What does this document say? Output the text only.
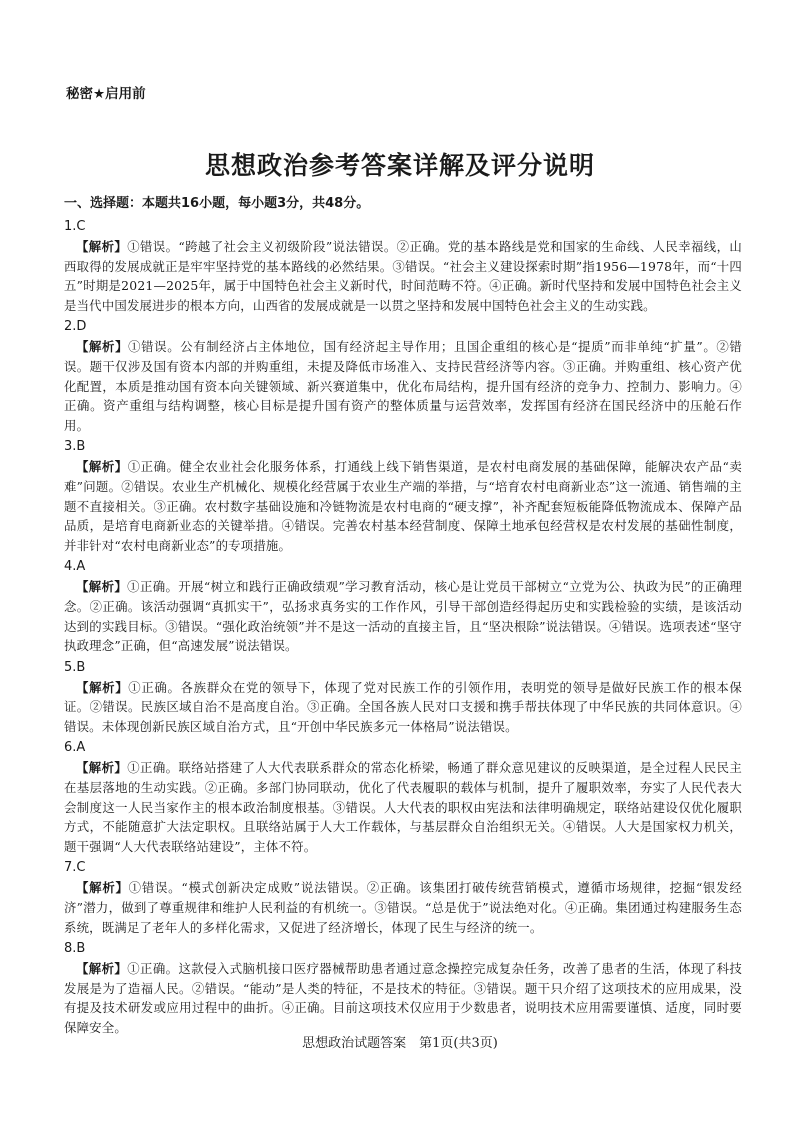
秘密★启用前
思想政治参考答案详解及评分说明
一、选择题：本题共16小题，每小题3分，共48分。
1.C

【解析】①错误。“跨越了社会主义初级阶段”说法错误。②正确。党的基本路线是党和国家的生命线、人民幸福线，山西取得的发展成就正是牢牢坚持党的基本路线的必然结果。③错误。“社会主义建设探索时期”指1956—1978年，而“十四五”时期是2021—2025年，属于中国特色社会主义新时代，时间范畴不符。④正确。新时代坚持和发展中国特色社会主义是当代中国发展进步的根本方向，山西省的发展成就是一以贯之坚持和发展中国特色社会主义的生动实践。

2.D

【解析】①错误。公有制经济占主体地位，国有经济起主导作用；且国企重组的核心是“提质”而非单纯“扩量”。②错误。题干仅涉及国有资本内部的并购重组，未提及降低市场准入、支持民营经济等内容。③正确。并购重组、核心资产优化配置，本质是推动国有资本向关键领域、新兴赛道集中，优化布局结构，提升国有经济的竞争力、控制力、影响力。④正确。资产重组与结构调整，核心目标是提升国有资产的整体质量与运营效率，发挥国有经济在国民经济中的压舱石作用。

3.B

【解析】①正确。健全农业社会化服务体系，打通线上线下销售渠道，是农村电商发展的基础保障，能解决农产品“卖难”问题。②错误。农业生产机械化、规模化经营属于农业生产端的举措，与“培育农村电商新业态”这一流通、销售端的主题不直接相关。③正确。农村数字基础设施和冷链物流是农村电商的“硬支撑”，补齐配套短板能降低物流成本、保障产品品质，是培育电商新业态的关键举措。④错误。完善农村基本经营制度、保障土地承包经营权是农村发展的基础性制度，并非针对“农村电商新业态”的专项措施。

4.A

【解析】①正确。开展“树立和践行正确政绩观”学习教育活动，核心是让党员干部树立“立党为公、执政为民”的正确理念。②正确。该活动强调“真抓实干”，弘扬求真务实的工作作风，引导干部创造经得起历史和实践检验的实绩，是该活动达到的实践目标。③错误。“强化政治统领”并不是这一活动的直接主旨，且“坚决根除”说法错误。④错误。选项表述“坚守执政理念”正确，但“高速发展”说法错误。

5.B

【解析】①正确。各族群众在党的领导下，体现了党对民族工作的引领作用，表明党的领导是做好民族工作的根本保证。②错误。民族区域自治不是高度自治。③正确。全国各族人民对口支援和携手帮扶体现了中华民族的共同体意识。④错误。未体现创新民族区域自治方式，且“开创中华民族多元一体格局”说法错误。

6.A

【解析】①正确。联络站搭建了人大代表联系群众的常态化桥梁，畅通了群众意见建议的反映渠道，是全过程人民民主在基层落地的生动实践。②正确。多部门协同联动，优化了代表履职的载体与机制，提升了履职效率，夯实了人民代表大会制度这一人民当家作主的根本政治制度根基。③错误。人大代表的职权由宪法和法律明确规定，联络站建设仅优化履职方式，不能随意扩大法定职权。且联络站属于人大工作载体，与基层群众自治组织无关。④错误。人大是国家权力机关，题干强调“人大代表联络站建设”，主体不符。

7.C

【解析】①错误。“模式创新决定成败”说法错误。②正确。该集团打破传统营销模式，遵循市场规律，挖掘“银发经济”潜力，做到了尊重规律和维护人民利益的有机统一。③错误。“总是优于”说法绝对化。④正确。集团通过构建服务生态系统，既满足了老年人的多样化需求，又促进了经济增长，体现了民生与经济的统一。

8.B

【解析】①正确。这款侵入式脑机接口医疗器械帮助患者通过意念操控完成复杂任务，改善了患者的生活，体现了科技发展是为了造福人民。②错误。“能动”是人类的特征，不是技术的特征。③错误。题干只介绍了这项技术的应用成果，没有提及技术研发或应用过程中的曲折。④正确。目前这项技术仅应用于少数患者，说明技术应用需要谨慎、适度，同时要保障安全。

思想政治试题答案　第1页(共3页)
